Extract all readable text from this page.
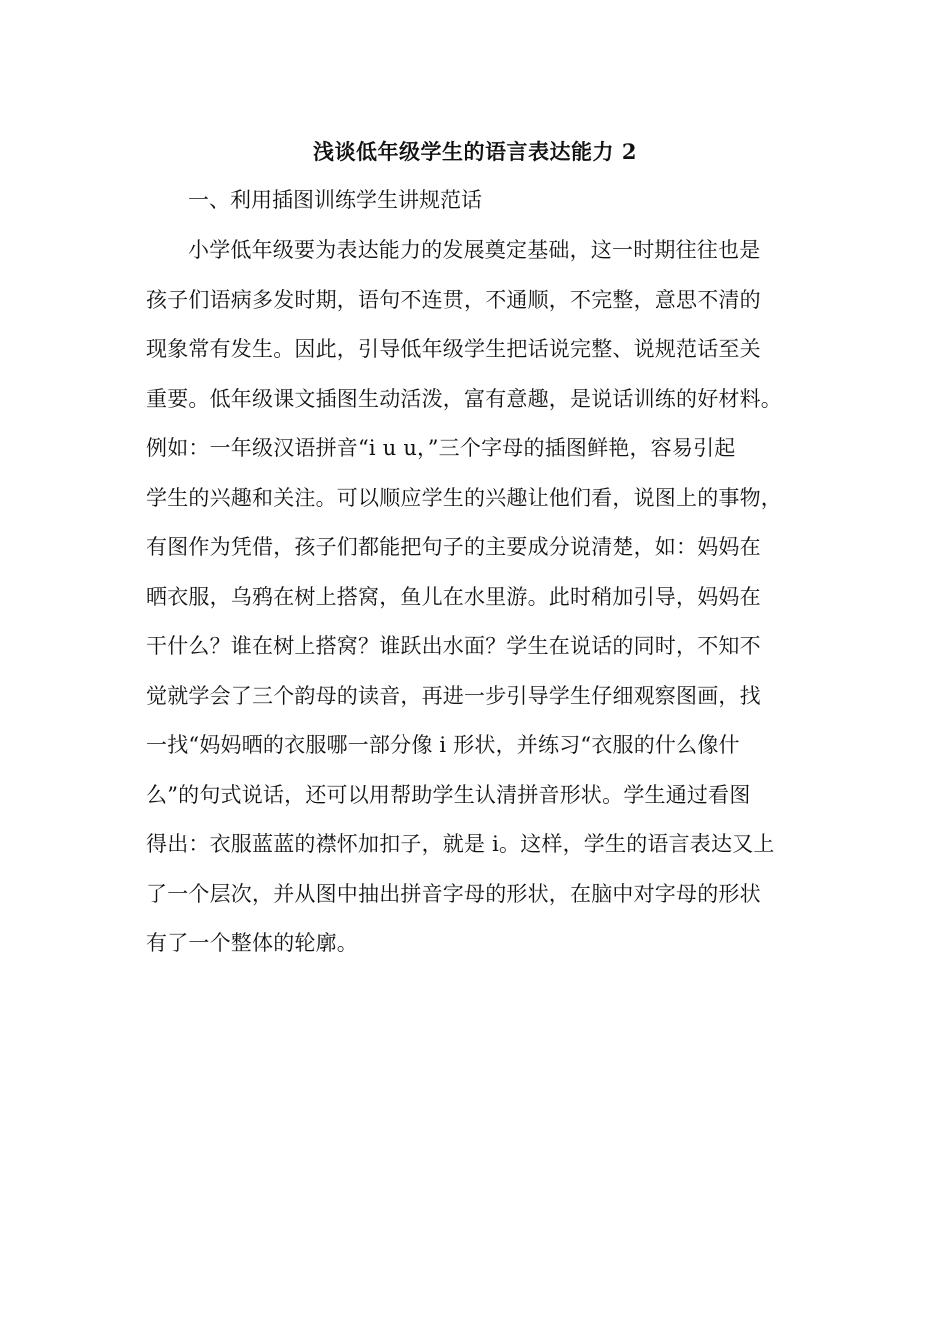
浅谈低年级学生的语言表达能力 2
一、利用插图训练学生讲规范话
小学低年级要为表达能力的发展奠定基础，这一时期往往也是
孩子们语病多发时期，语句不连贯，不通顺，不完整，意思不清的
现象常有发生。因此，引导低年级学生把话说完整、说规范话至关
重要。低年级课文插图生动活泼，富有意趣，是说话训练的好材料。
例如：一年级汉语拼音“i u u，”三个字母的插图鲜艳，容易引起
学生的兴趣和关注。可以顺应学生的兴趣让他们看，说图上的事物，
有图作为凭借，孩子们都能把句子的主要成分说清楚，如：妈妈在
晒衣服，乌鸦在树上搭窝，鱼儿在水里游。此时稍加引导，妈妈在
干什么？谁在树上搭窝？谁跃出水面？学生在说话的同时，不知不
觉就学会了三个韵母的读音，再进一步引导学生仔细观察图画，找
一找“妈妈晒的衣服哪一部分像 i 形状，并练习“衣服的什么像什
么”的句式说话，还可以用帮助学生认清拼音形状。学生通过看图
得出：衣服蓝蓝的襟怀加扣子，就是 i。这样，学生的语言表达又上
了一个层次，并从图中抽出拼音字母的形状，在脑中对字母的形状
有了一个整体的轮廓。
